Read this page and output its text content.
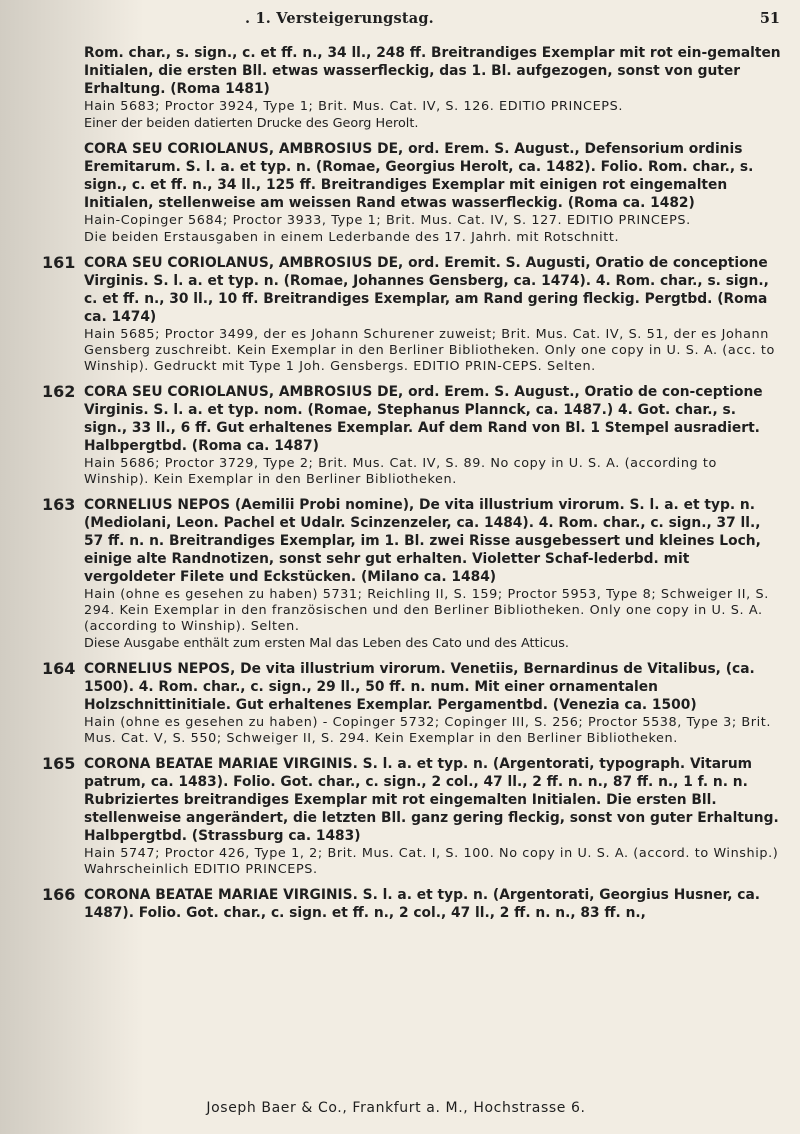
. 1. Versteigerungstag.	51
Rom. char., s. sign., c. et ff. n., 34 ll., 248 ff. Breitrandiges Exemplar mit rot ein-gemalten Initialen, die ersten Bll. etwas wasserfleckig, das 1. Bl. aufgezogen, sonst von guter Erhaltung. (Roma 1481)
Hain 5683; Proctor 3924, Type 1; Brit. Mus. Cat. IV, S. 126. EDITIO PRINCEPS.
Einer der beiden datierten Drucke des Georg Herolt.
CORA SEU CORIOLANUS, AMBROSIUS DE, ord. Erem. S. August., Defensorium ordinis Eremitarum. S. l. a. et typ. n. (Romae, Georgius Herolt, ca. 1482). Folio. Rom. char., s. sign., c. et ff. n., 34 ll., 125 ff. Breitrandiges Exemplar mit einigen rot eingemalten Initialen, stellenweise am weissen Rand etwas wasserfleckig. (Roma ca. 1482)
Hain-Copinger 5684; Proctor 3933, Type 1; Brit. Mus. Cat. IV, S. 127. EDITIO PRINCEPS.
Die beiden Erstausgaben in einem Lederbande des 17. Jahrh. mit Rotschnitt.
161 CORA SEU CORIOLANUS, AMBROSIUS DE, ord. Eremit. S. Augusti, Oratio de conceptione Virginis. S. l. a. et typ. n. (Romae, Johannes Gensberg, ca. 1474). 4. Rom. char., s. sign., c. et ff. n., 30 ll., 10 ff. Breitrandiges Exemplar, am Rand gering fleckig. Pergtbd. (Roma ca. 1474)
Hain 5685; Proctor 3499, der es Johann Schurener zuweist; Brit. Mus. Cat. IV, S. 51, der es Johann Gensberg zuschreibt. Kein Exemplar in den Berliner Bibliotheken. Only one copy in U. S. A. (acc. to Winship). Gedruckt mit Type 1 Joh. Gensbergs. EDITIO PRIN-CEPS. Selten.
162 CORA SEU CORIOLANUS, AMBROSIUS DE, ord. Erem. S. August., Oratio de con-ceptione Virginis. S. l. a. et typ. nom. (Romae, Stephanus Plannck, ca. 1487.) 4. Got. char., s. sign., 33 ll., 6 ff. Gut erhaltenes Exemplar. Auf dem Rand von Bl. 1 Stempel ausradiert. Halbpergtbd. (Roma ca. 1487)
Hain 5686; Proctor 3729, Type 2; Brit. Mus. Cat. IV, S. 89. No copy in U. S. A. (according to Winship). Kein Exemplar in den Berliner Bibliotheken.
163 CORNELIUS NEPOS (Aemilii Probi nomine), De vita illustrium virorum. S. l. a. et typ. n. (Mediolani, Leon. Pachel et Udalr. Scinzenzeler, ca. 1484). 4. Rom. char., c. sign., 37 ll., 57 ff. n. n. Breitrandiges Exemplar, im 1. Bl. zwei Risse ausgebessert und kleines Loch, einige alte Randnotizen, sonst sehr gut erhalten. Violetter Schaf-lederbd. mit vergoldeter Filete und Eckstücken. (Milano ca. 1484)
Hain (ohne es gesehen zu haben) 5731; Reichling II, S. 159; Proctor 5953, Type 8; Schweiger II, S. 294. Kein Exemplar in den französischen und den Berliner Bibliotheken. Only one copy in U. S. A. (according to Winship). Selten.
Diese Ausgabe enthält zum ersten Mal das Leben des Cato und des Atticus.
164 CORNELIUS NEPOS, De vita illustrium virorum. Venetiis, Bernardinus de Vitalibus, (ca. 1500). 4. Rom. char., c. sign., 29 ll., 50 ff. n. num. Mit einer ornamentalen Holzschnittinitiale. Gut erhaltenes Exemplar. Pergamentbd. (Venezia ca. 1500)
Hain (ohne es gesehen zu haben) - Copinger 5732; Copinger III, S. 256; Proctor 5538, Type 3; Brit. Mus. Cat. V, S. 550; Schweiger II, S. 294. Kein Exemplar in den Berliner Bibliotheken.
165 CORONA BEATAE MARIAE VIRGINIS. S. l. a. et typ. n. (Argentorati, typograph. Vitarum patrum, ca. 1483). Folio. Got. char., c. sign., 2 col., 47 ll., 2 ff. n. n., 87 ff. n., 1 f. n. n. Rubriziertes breitrandiges Exemplar mit rot eingemalten Initialen. Die ersten Bll. stellenweise angerändert, die letzten Bll. ganz gering fleckig, sonst von guter Erhaltung. Halbpergtbd. (Strassburg ca. 1483)
Hain 5747; Proctor 426, Type 1, 2; Brit. Mus. Cat. I, S. 100. No copy in U. S. A. (accord. to Winship.) Wahrscheinlich EDITIO PRINCEPS.
166 CORONA BEATAE MARIAE VIRGINIS. S. l. a. et typ. n. (Argentorati, Georgius Husner, ca. 1487). Folio. Got. char., c. sign. et ff. n., 2 col., 47 ll., 2 ff. n. n., 83 ff. n.,
Joseph Baer & Co., Frankfurt a. M., Hochstrasse 6.
